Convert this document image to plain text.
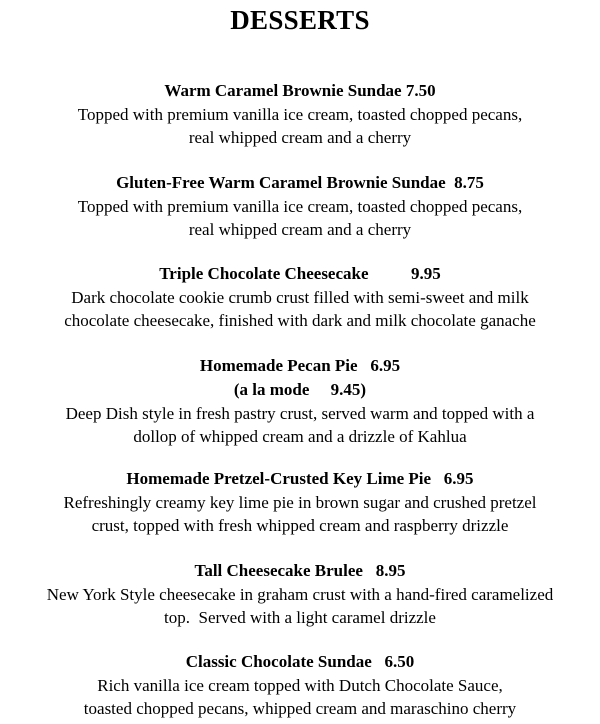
DESSERTS
Warm Caramel Brownie Sundae 7.50
Topped with premium vanilla ice cream, toasted chopped pecans,
real whipped cream and a cherry
Gluten-Free Warm Caramel Brownie Sundae  8.75
Topped with premium vanilla ice cream, toasted chopped pecans,
real whipped cream and a cherry
Triple Chocolate Cheesecake          9.95
Dark chocolate cookie crumb crust filled with semi-sweet and milk
chocolate cheesecake, finished with dark and milk chocolate ganache
Homemade Pecan Pie   6.95
(a la mode     9.45)
Deep Dish style in fresh pastry crust, served warm and topped with a
dollop of whipped cream and a drizzle of Kahlua
Homemade Pretzel-Crusted Key Lime Pie   6.95
Refreshingly creamy key lime pie in brown sugar and crushed pretzel
crust, topped with fresh whipped cream and raspberry drizzle
Tall Cheesecake Brulee   8.95
New York Style cheesecake in graham crust with a hand-fired caramelized
top.  Served with a light caramel drizzle
Classic Chocolate Sundae   6.50
Rich vanilla ice cream topped with Dutch Chocolate Sauce,
toasted chopped pecans, whipped cream and maraschino cherry
